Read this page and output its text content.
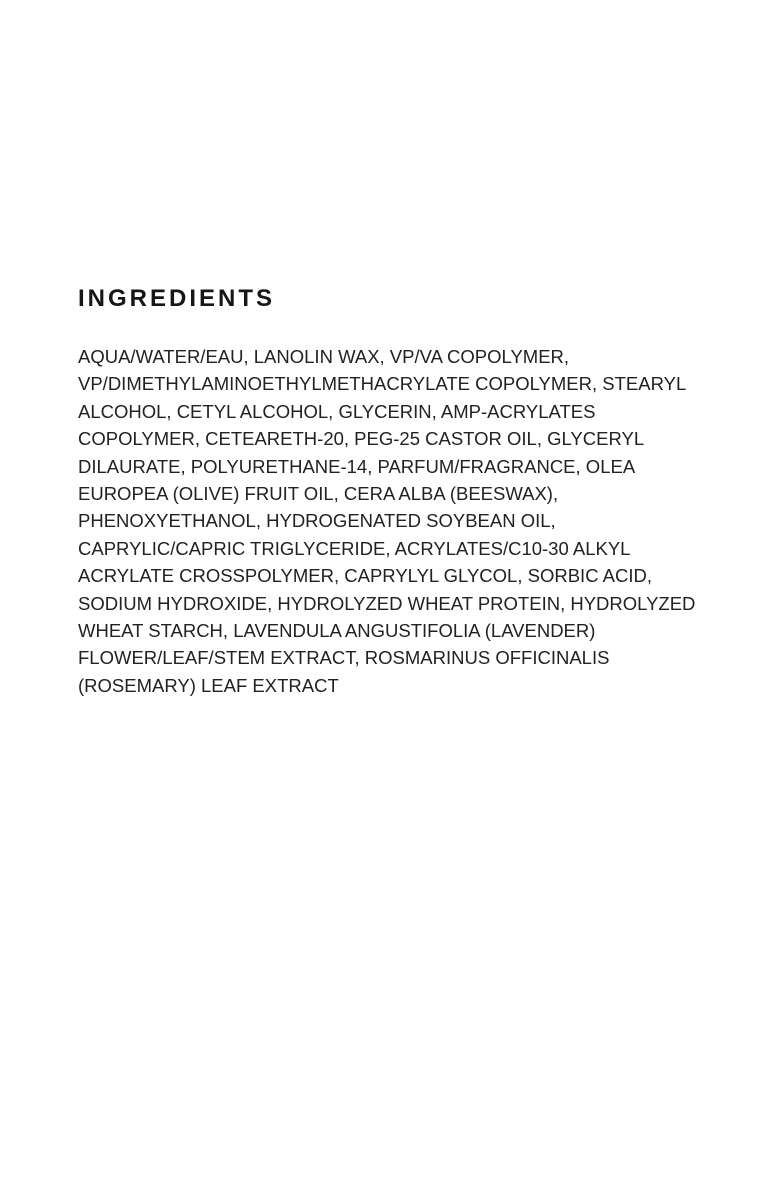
INGREDIENTS

AQUA/WATER/EAU, LANOLIN WAX, VP/VA COPOLYMER, VP/DIMETHYLAMINOETHYLMETHACRYLATE COPOLYMER, STEARYL ALCOHOL, CETYL ALCOHOL, GLYCERIN, AMP-ACRYLATES COPOLYMER, CETEARETH-20, PEG-25 CASTOR OIL, GLYCERYL DILAURATE, POLYURETHANE-14, PARFUM/FRAGRANCE, OLEA EUROPEA (OLIVE) FRUIT OIL, CERA ALBA (BEESWAX), PHENOXYETHANOL, HYDROGENATED SOYBEAN OIL, CAPRYLIC/CAPRIC TRIGLYCERIDE, ACRYLATES/C10-30 ALKYL ACRYLATE CROSSPOLYMER, CAPRYLYL GLYCOL, SORBIC ACID, SODIUM HYDROXIDE, HYDROLYZED WHEAT PROTEIN, HYDROLYZED WHEAT STARCH, LAVENDULA ANGUSTIFOLIA (LAVENDER) FLOWER/LEAF/STEM EXTRACT, ROSMARINUS OFFICINALIS (ROSEMARY) LEAF EXTRACT
